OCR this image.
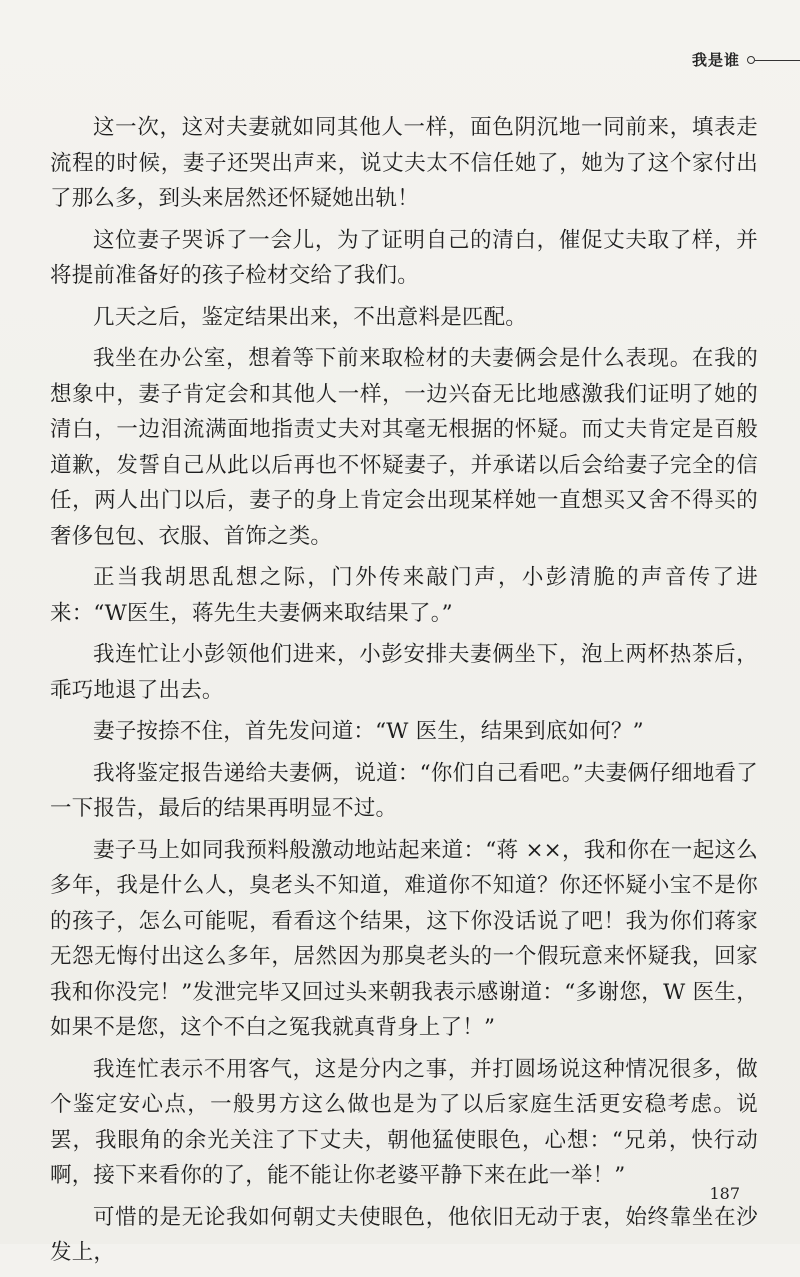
我是谁

这一次，这对夫妻就如同其他人一样，面色阴沉地一同前来，填表走流程的时候，妻子还哭出声来，说丈夫太不信任她了，她为了这个家付出了那么多，到头来居然还怀疑她出轨！

这位妻子哭诉了一会儿，为了证明自己的清白，催促丈夫取了样，并将提前准备好的孩子检材交给了我们。

几天之后，鉴定结果出来，不出意料是匹配。

我坐在办公室，想着等下前来取检材的夫妻俩会是什么表现。在我的想象中，妻子肯定会和其他人一样，一边兴奋无比地感激我们证明了她的清白，一边泪流满面地指责丈夫对其毫无根据的怀疑。而丈夫肯定是百般道歉，发誓自己从此以后再也不怀疑妻子，并承诺以后会给妻子完全的信任，两人出门以后，妻子的身上肯定会出现某样她一直想买又舍不得买的奢侈包包、衣服、首饰之类。

正当我胡思乱想之际，门外传来敲门声，小彭清脆的声音传了进来：“W医生，蒋先生夫妻俩来取结果了。”

我连忙让小彭领他们进来，小彭安排夫妻俩坐下，泡上两杯热茶后，乖巧地退了出去。

妻子按捺不住，首先发问道：“W 医生，结果到底如何？”

我将鉴定报告递给夫妻俩，说道：“你们自己看吧。”夫妻俩仔细地看了一下报告，最后的结果再明显不过。

妻子马上如同我预料般激动地站起来道：“蒋 ××，我和你在一起这么多年，我是什么人，臭老头不知道，难道你不知道？你还怀疑小宝不是你的孩子，怎么可能呢，看看这个结果，这下你没话说了吧！我为你们蒋家无怨无悔付出这么多年，居然因为那臭老头的一个假玩意来怀疑我，回家我和你没完！”发泄完毕又回过头来朝我表示感谢道：“多谢您，W 医生，如果不是您，这个不白之冤我就真背身上了！”

我连忙表示不用客气，这是分内之事，并打圆场说这种情况很多，做个鉴定安心点，一般男方这么做也是为了以后家庭生活更安稳考虑。说罢，我眼角的余光关注了下丈夫，朝他猛使眼色，心想：“兄弟，快行动啊，接下来看你的了，能不能让你老婆平静下来在此一举！”

可惜的是无论我如何朝丈夫使眼色，他依旧无动于衷，始终靠坐在沙发上，

187
